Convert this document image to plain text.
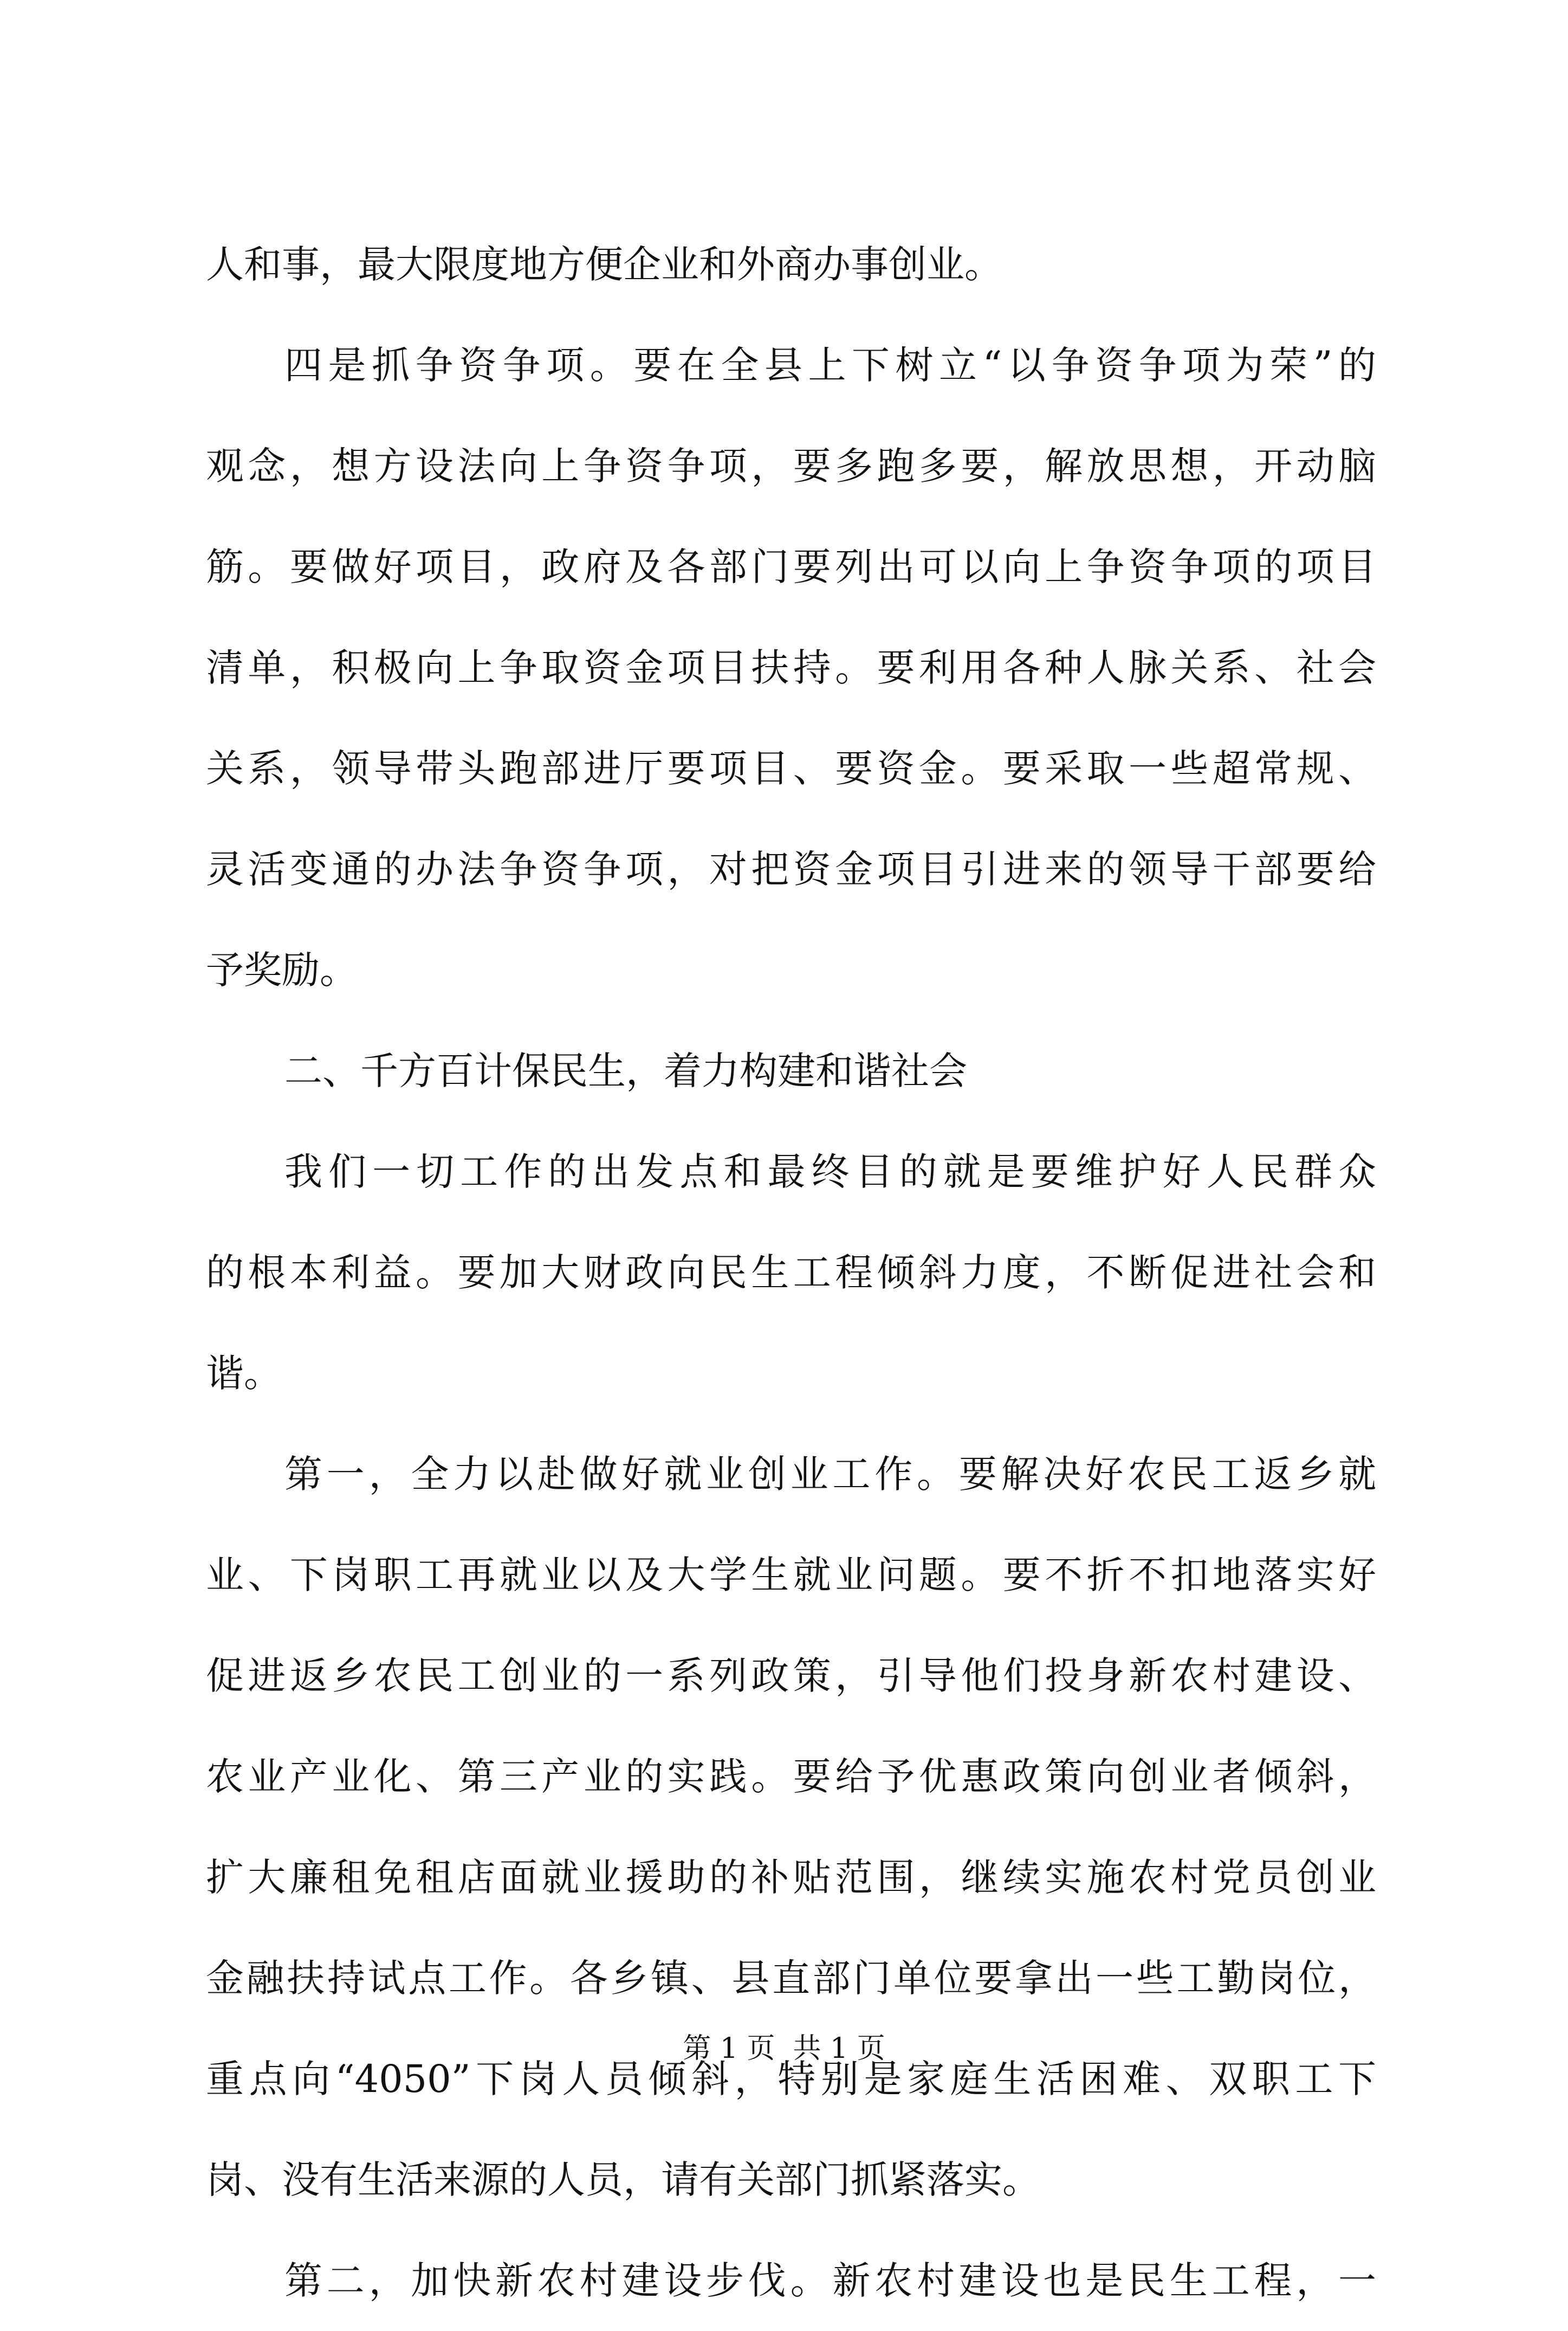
人和事，最大限度地方便企业和外商办事创业。
四是抓争资争项。要在全县上下树立“以争资争项为荣”的
观念，想方设法向上争资争项，要多跑多要，解放思想，开动脑
筋。要做好项目，政府及各部门要列出可以向上争资争项的项目
清单，积极向上争取资金项目扶持。要利用各种人脉关系、社会
关系，领导带头跑部进厅要项目、要资金。要采取一些超常规、
灵活变通的办法争资争项，对把资金项目引进来的领导干部要给
予奖励。
二、千方百计保民生，着力构建和谐社会
我们一切工作的出发点和最终目的就是要维护好人民群众
的根本利益。要加大财政向民生工程倾斜力度，不断促进社会和
谐。
第一，全力以赴做好就业创业工作。要解决好农民工返乡就
业、下岗职工再就业以及大学生就业问题。要不折不扣地落实好
促进返乡农民工创业的一系列政策，引导他们投身新农村建设、
农业产业化、第三产业的实践。要给予优惠政策向创业者倾斜，
扩大廉租免租店面就业援助的补贴范围，继续实施农村党员创业
金融扶持试点工作。各乡镇、县直部门单位要拿出一些工勤岗位，
重点向“4050”下岗人员倾斜，特别是家庭生活困难、双职工下
岗、没有生活来源的人员，请有关部门抓紧落实。
第二，加快新农村建设步伐。新农村建设也是民生工程，一
第 1 页  共 1 页
